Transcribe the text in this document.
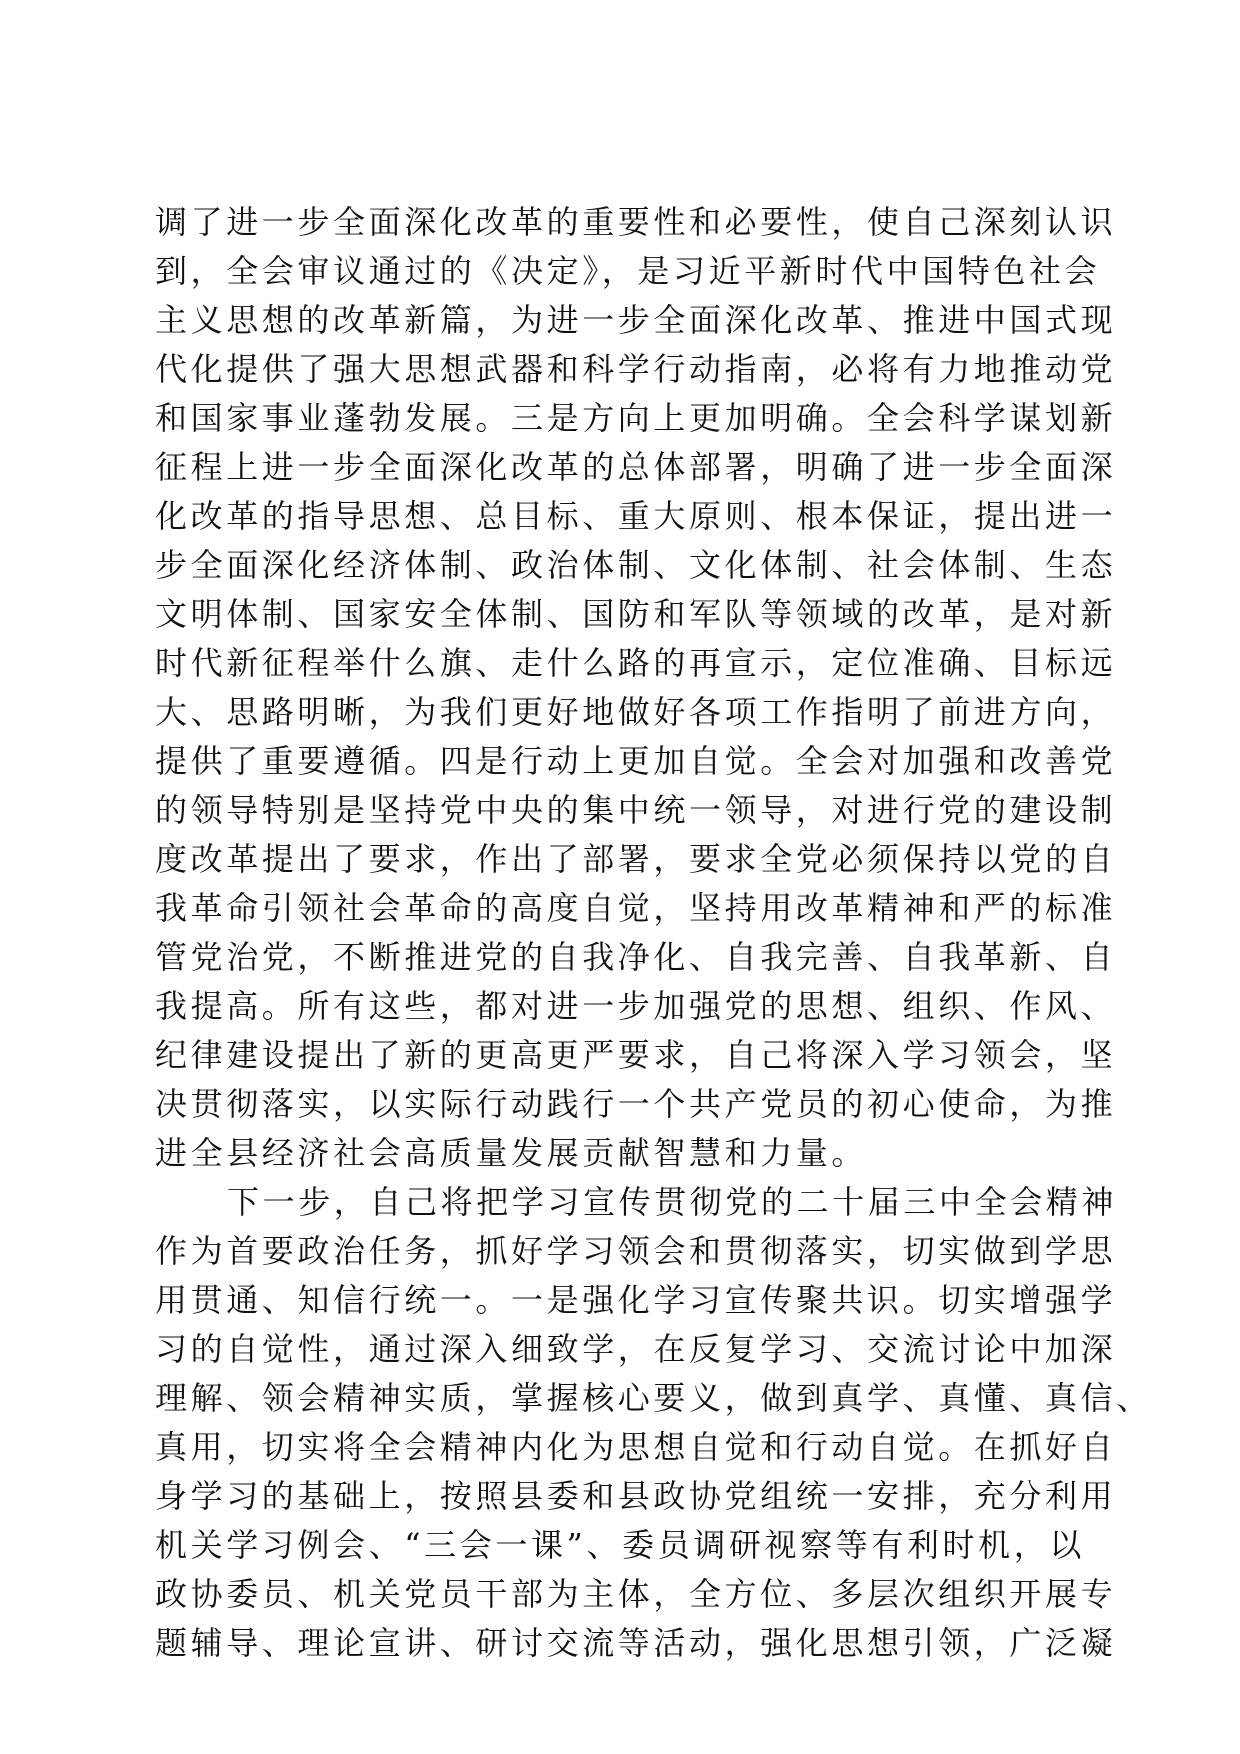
调了进一步全面深化改革的重要性和必要性，使自己深刻认识
到，全会审议通过的《决定》，是习近平新时代中国特色社会
主义思想的改革新篇，为进一步全面深化改革、推进中国式现
代化提供了强大思想武器和科学行动指南，必将有力地推动党
和国家事业蓬勃发展。三是方向上更加明确。全会科学谋划新
征程上进一步全面深化改革的总体部署，明确了进一步全面深
化改革的指导思想、总目标、重大原则、根本保证，提出进一
步全面深化经济体制、政治体制、文化体制、社会体制、生态
文明体制、国家安全体制、国防和军队等领域的改革，是对新
时代新征程举什么旗、走什么路的再宣示，定位准确、目标远
大、思路明晰，为我们更好地做好各项工作指明了前进方向，
提供了重要遵循。四是行动上更加自觉。全会对加强和改善党
的领导特别是坚持党中央的集中统一领导，对进行党的建设制
度改革提出了要求，作出了部署，要求全党必须保持以党的自
我革命引领社会革命的高度自觉，坚持用改革精神和严的标准
管党治党，不断推进党的自我净化、自我完善、自我革新、自
我提高。所有这些，都对进一步加强党的思想、组织、作风、
纪律建设提出了新的更高更严要求，自己将深入学习领会，坚
决贯彻落实，以实际行动践行一个共产党员的初心使命，为推
进全县经济社会高质量发展贡献智慧和力量。
下一步，自己将把学习宣传贯彻党的二十届三中全会精神
作为首要政治任务，抓好学习领会和贯彻落实，切实做到学思
用贯通、知信行统一。一是强化学习宣传聚共识。切实增强学
习的自觉性，通过深入细致学，在反复学习、交流讨论中加深
理解、领会精神实质，掌握核心要义，做到真学、真懂、真信、
真用，切实将全会精神内化为思想自觉和行动自觉。在抓好自
身学习的基础上，按照县委和县政协党组统一安排，充分利用
机关学习例会、“三会一课”、委员调研视察等有利时机，以
政协委员、机关党员干部为主体，全方位、多层次组织开展专
题辅导、理论宣讲、研讨交流等活动，强化思想引领，广泛凝
